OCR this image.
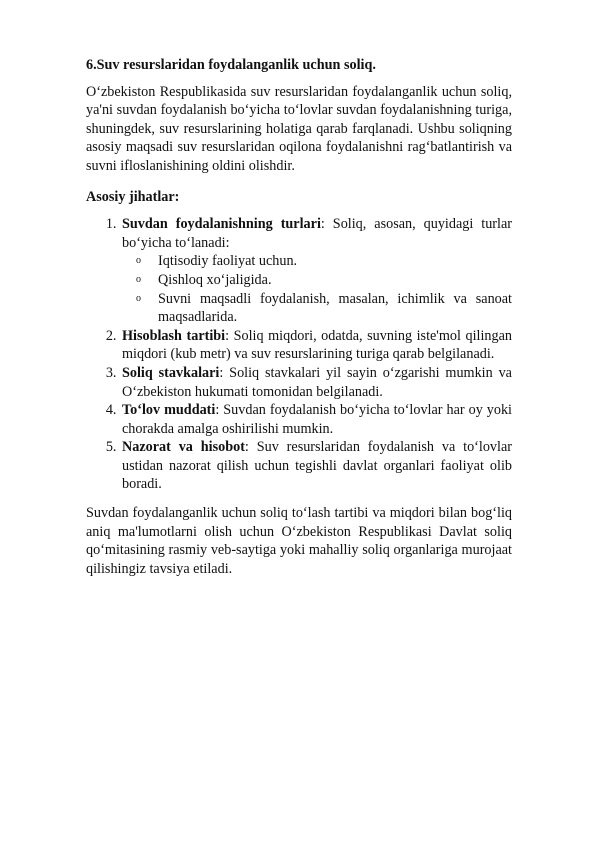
6.Suv resurslaridan foydalanganlik uchun soliq.

O‘zbekiston Respublikasida suv resurslaridan foydalanganlik uchun soliq, ya'ni suvdan foydalanish bo‘yicha to‘lovlar suvdan foydalanishning turiga, shuningdek, suv resurslarining holatiga qarab farqlanadi. Ushbu soliqning asosiy maqsadi suv resurslaridan oqilona foydalanishni rag‘batlantirish va suvni ifloslanishining oldini olishdir.

Asosiy jihatlar:

1. Suvdan foydalanishning turlari: Soliq, asosan, quyidagi turlar bo‘yicha to‘lanadi:
o Iqtisodiy faoliyat uchun.
o Qishloq xo‘jaligida.
o Suvni maqsadli foydalanish, masalan, ichimlik va sanoat maqsadlarida.
2. Hisoblash tartibi: Soliq miqdori, odatda, suvning iste'mol qilingan miqdori (kub metr) va suv resurslarining turiga qarab belgilanadi.
3. Soliq stavkalari: Soliq stavkalari yil sayin o‘zgarishi mumkin va O‘zbekiston hukumati tomonidan belgilanadi.
4. To‘lov muddati: Suvdan foydalanish bo‘yicha to‘lovlar har oy yoki chorakda amalga oshirilishi mumkin.
5. Nazorat va hisobot: Suv resurslaridan foydalanish va to‘lovlar ustidan nazorat qilish uchun tegishli davlat organlari faoliyat olib boradi.

Suvdan foydalanganlik uchun soliq to‘lash tartibi va miqdori bilan bog‘liq aniq ma'lumotlarni olish uchun O‘zbekiston Respublikasi Davlat soliq qo‘mitasining rasmiy veb-saytiga yoki mahalliy soliq organlariga murojaat qilishingiz tavsiya etiladi.
